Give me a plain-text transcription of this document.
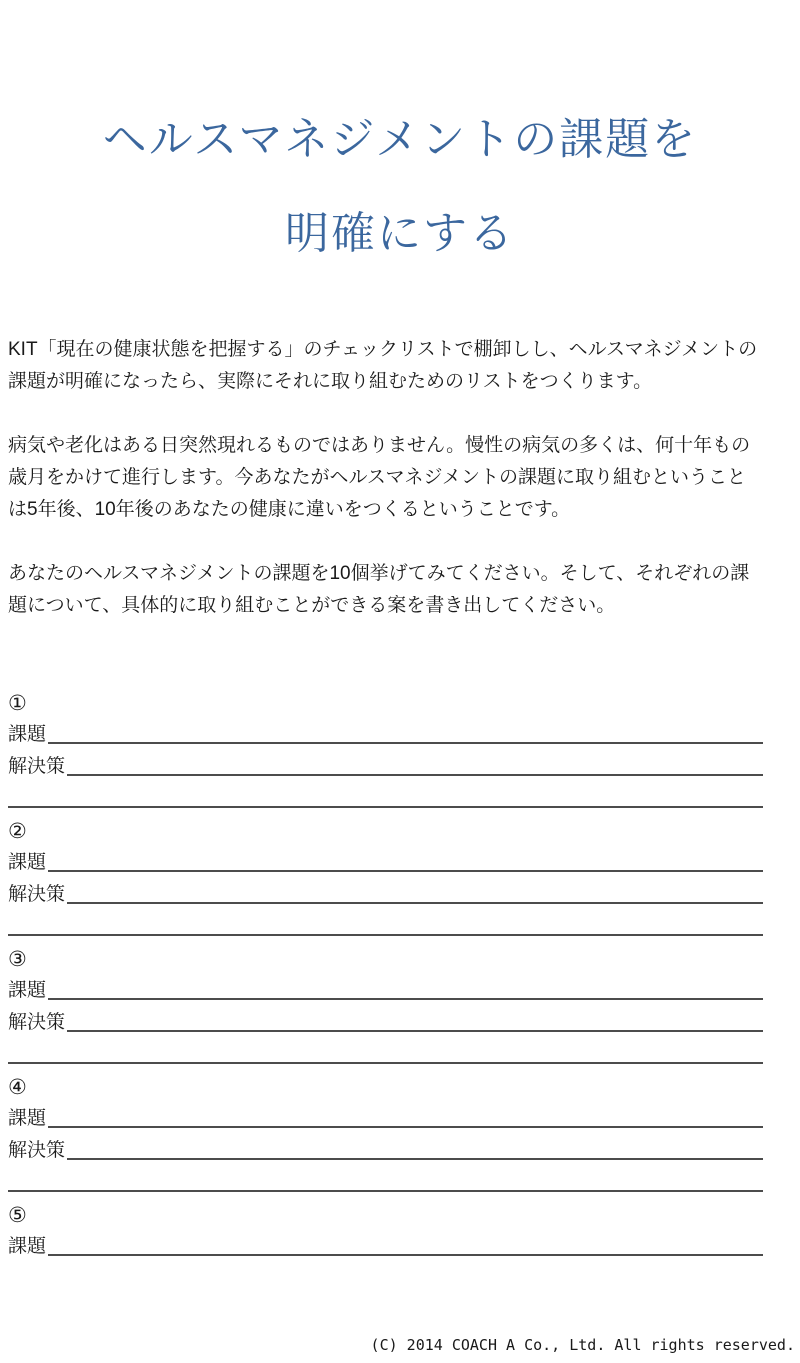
ヘルスマネジメントの課題を
明確にする

KIT「現在の健康状態を把握する」のチェックリストで棚卸しし、ヘルスマネジメントの課題が明確になったら、実際にそれに取り組むためのリストをつくります。

病気や老化はある日突然現れるものではありません。慢性の病気の多くは、何十年もの歳月をかけて進行します。今あなたがヘルスマネジメントの課題に取り組むということは5年後、10年後のあなたの健康に違いをつくるということです。

あなたのヘルスマネジメントの課題を10個挙げてみてください。そして、それぞれの課題について、具体的に取り組むことができる案を書き出してください。

①
課題
解決策
②
課題
解決策
③
課題
解決策
④
課題
解決策
⑤
課題
(C) 2014 COACH A Co., Ltd. All rights reserved.
